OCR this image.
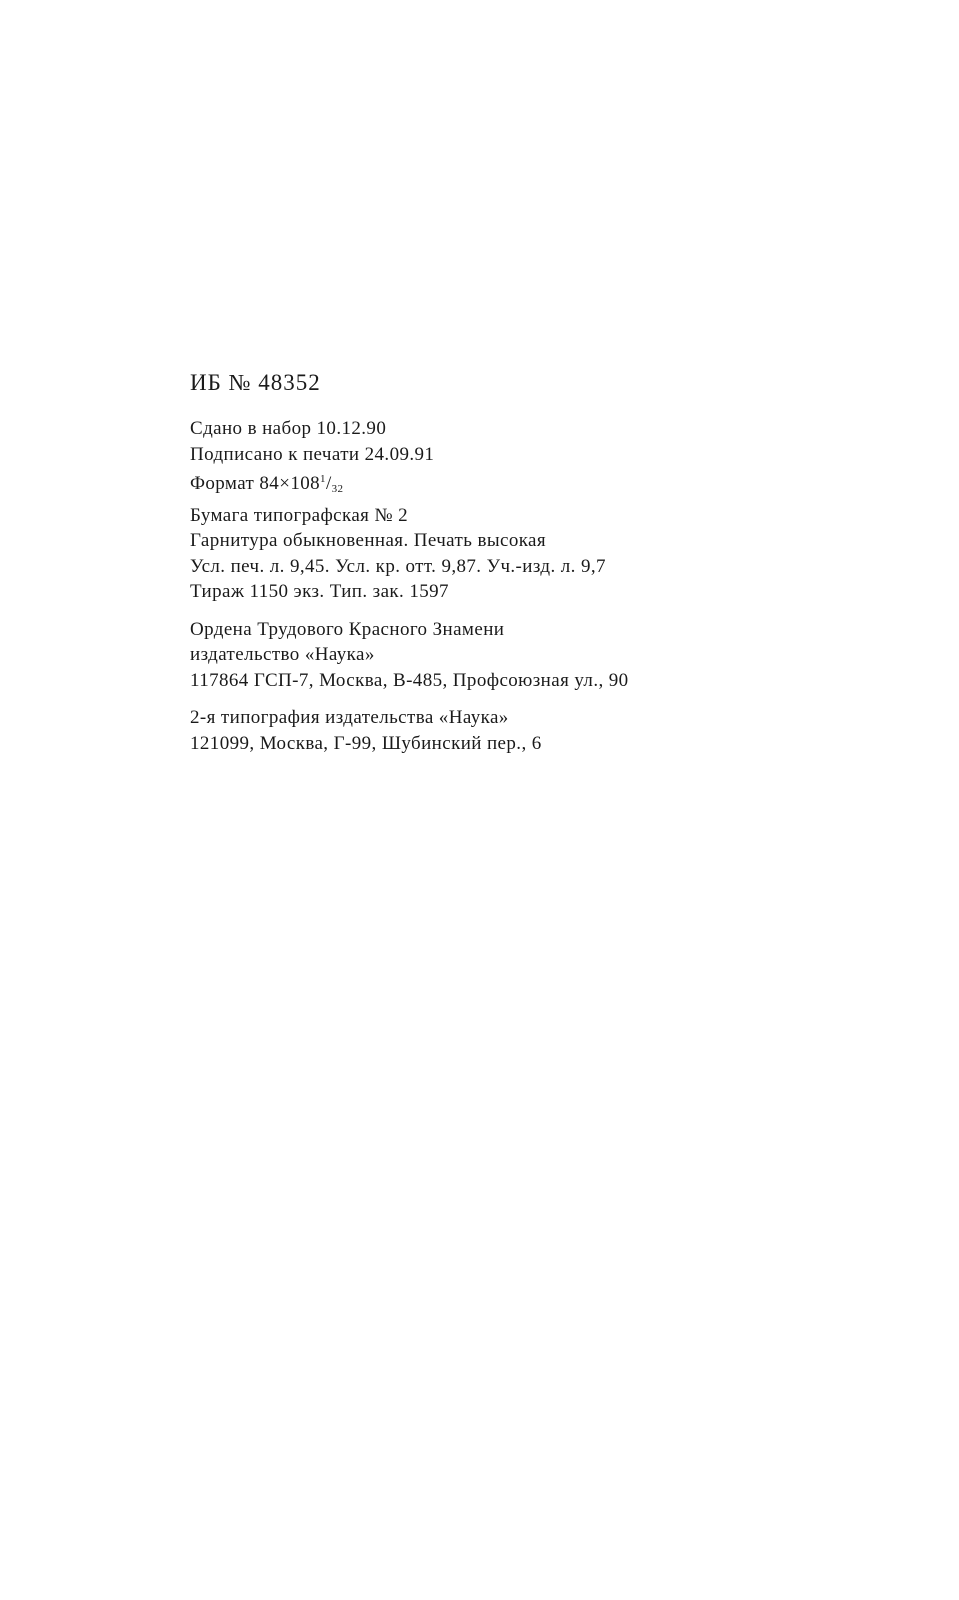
ИБ № 48352
Сдано в набор 10.12.90
Подписано к печати 24.09.91
Формат $84\times 108^1/32$
Бумага типографская № 2
Гарнитура обыкновенная. Печать высокая
Усл. печ. л. 9,45. Усл. кр. отт. 9,87. Уч.-изд. л. 9,7
Тираж 1150 экз. Тип. зак. 1597
Ордена Трудового Красного Знамени
издательство «Наука»
117864 ГСП-7, Москва, В-485, Профсоюзная ул., 90
2-я типография издательства «Наука»
121099, Москва, Г-99, Шубинский пер., 6
